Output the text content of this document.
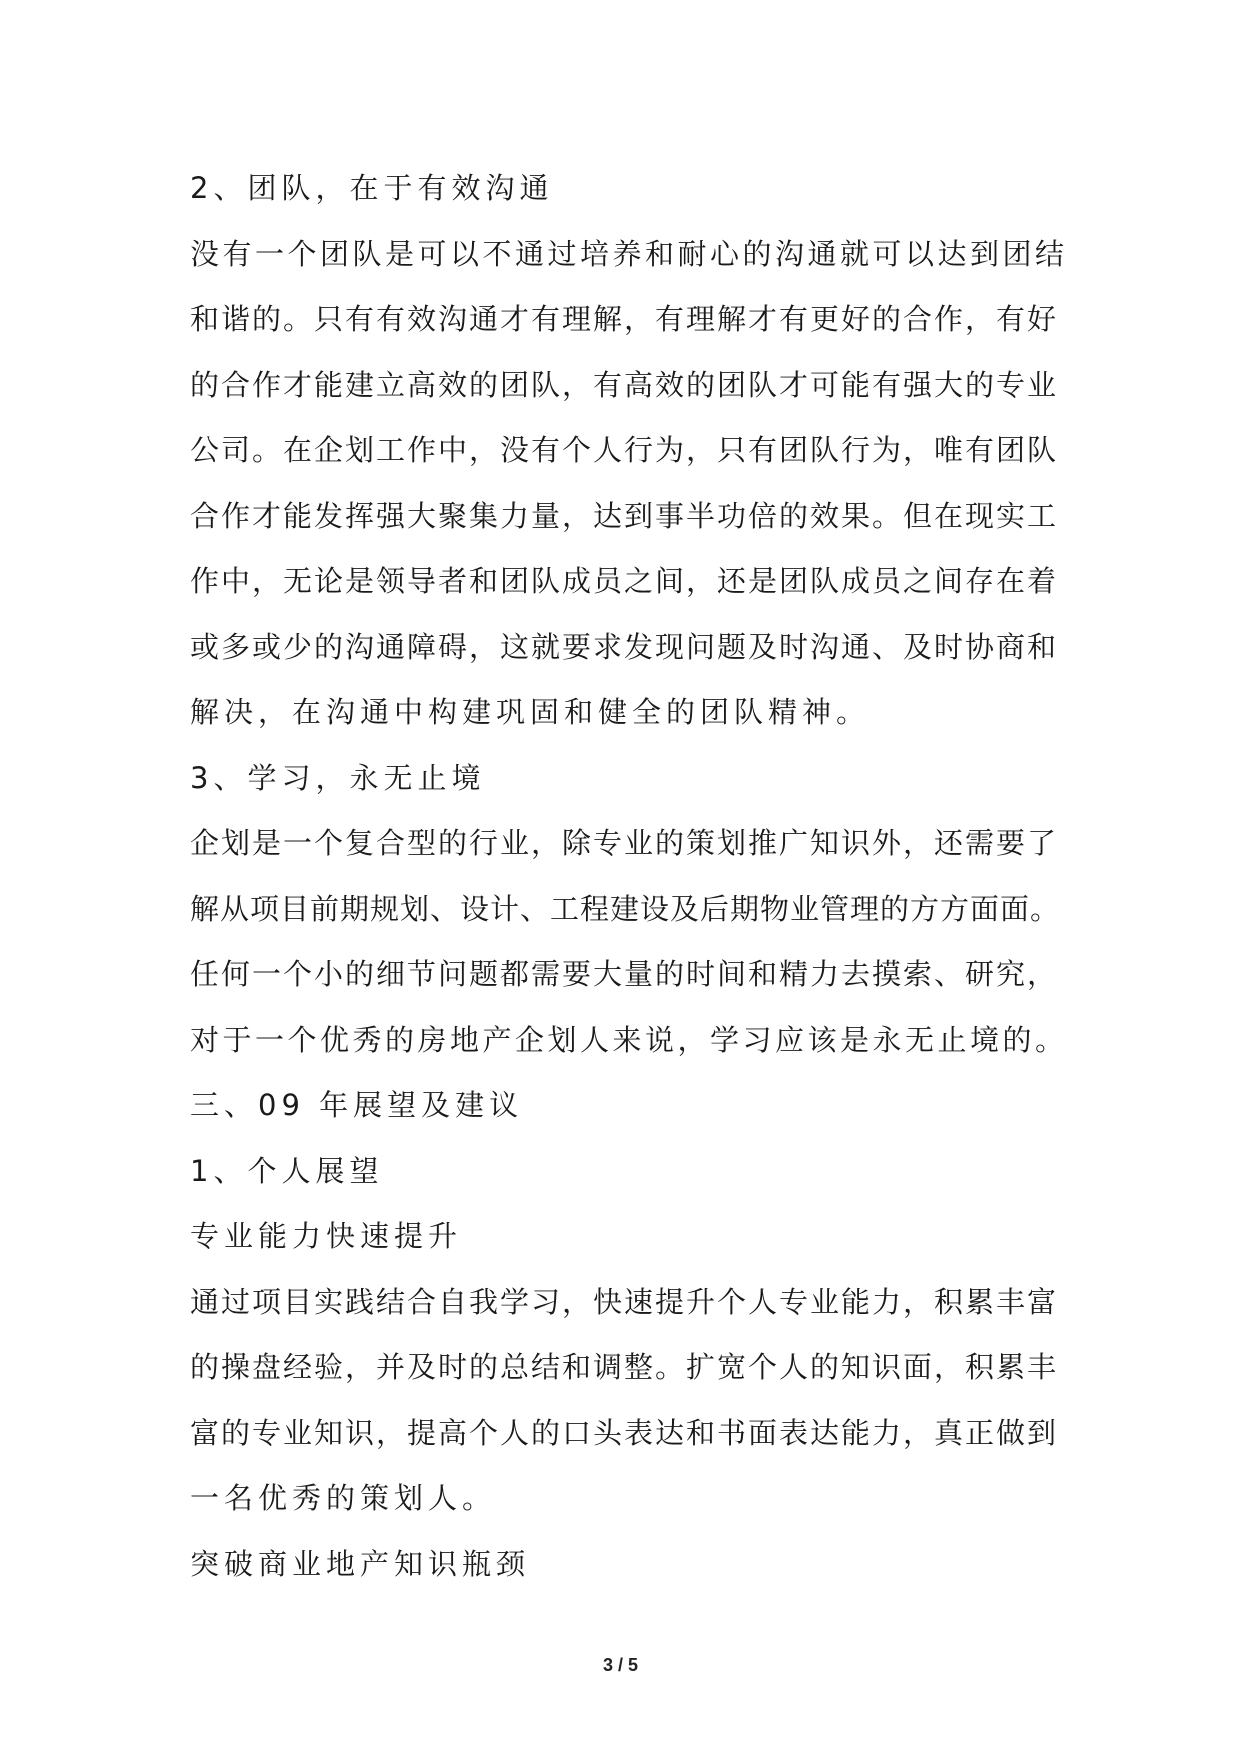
2、团队，在于有效沟通
没有一个团队是可以不通过培养和耐心的沟通就可以达到团结
和谐的。只有有效沟通才有理解，有理解才有更好的合作，有好
的合作才能建立高效的团队，有高效的团队才可能有强大的专业
公司。在企划工作中，没有个人行为，只有团队行为，唯有团队
合作才能发挥强大聚集力量，达到事半功倍的效果。但在现实工
作中，无论是领导者和团队成员之间，还是团队成员之间存在着
或多或少的沟通障碍，这就要求发现问题及时沟通、及时协商和
解决，在沟通中构建巩固和健全的团队精神。
3、学习，永无止境
企划是一个复合型的行业，除专业的策划推广知识外，还需要了
解从项目前期规划、设计、工程建设及后期物业管理的方方面面。
任何一个小的细节问题都需要大量的时间和精力去摸索、研究，
对于一个优秀的房地产企划人来说，学习应该是永无止境的。
三、09 年展望及建议
1、个人展望
专业能力快速提升
通过项目实践结合自我学习，快速提升个人专业能力，积累丰富
的操盘经验，并及时的总结和调整。扩宽个人的知识面，积累丰
富的专业知识，提高个人的口头表达和书面表达能力，真正做到
一名优秀的策划人。
突破商业地产知识瓶颈
3 / 5
